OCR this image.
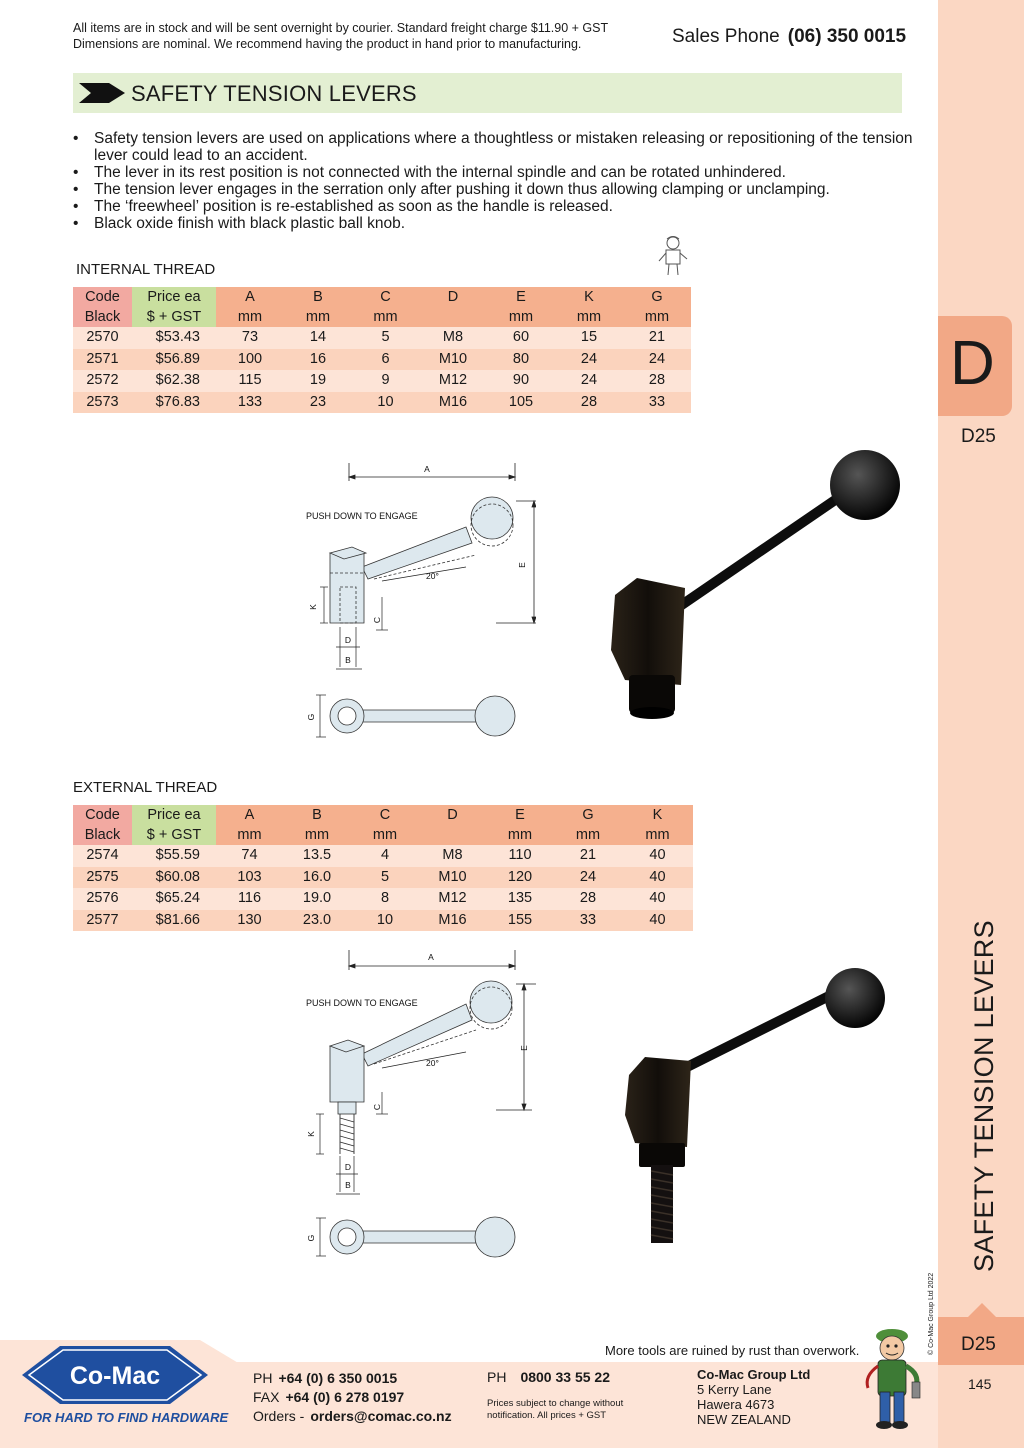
D
D25
SAFETY TENSION LEVERS
© Co-Mac Group Ltd 2022 D25
145
All items are in stock and will be sent overnight by courier. Standard freight charge $11.90 + GST
Dimensions are nominal. We recommend having the product in hand prior to manufacturing.	Sales Phone (06) 350 0015
SAFETY TENSION LEVERS
• Safety tension levers are used on applications where a thoughtless or mistaken releasing or repositioning of the tension lever could lead to an accident.
• The lever in its rest position is not connected with the internal spindle and can be rotated unhindered.
• The tension lever engages in the serration only after pushing it down thus allowing clamping or unclamping.
• The ‘freewheel’ position is re-established as soon as the handle is released.
• Black oxide finish with black plastic ball knob.
INTERNAL THREAD
Code	Price ea	A	B	C	D	E	K	G
Black	$ + GST	mm	mm	mm		mm	mm	mm
2570	$53.43	73	14	5	M8	60	15	21
2571	$56.89	100	16	6	M10	80	24	24
2572	$62.38	115	19	9	M12	90	24	28
2573	$76.83	133	23	10	M16	105	28	33
A
PUSH DOWN TO ENGAGE
E
20°
K
C
D
B
G
EXTERNAL THREAD
Code	Price ea	A	B	C	D	E	G	K
Black	$ + GST	mm	mm	mm		mm	mm	mm
2574	$55.59	74	13.5	4	M8	110	21	40
2575	$60.08	103	16.0	5	M10	120	24	40
2576	$65.24	116	19.0	8	M12	135	28	40
2577	$81.66	130	23.0	10	M16	155	33	40
A
PUSH DOWN TO ENGAGE
E
20°
K
C
D
B
G
More tools are ruined by rust than overwork.
Co-Mac
FOR HARD TO FIND HARDWARE
PH +64 (0) 6 350 0015
FAX +64 (0) 6 278 0197
Orders - orders@comac.co.nz
PH 0800 33 55 22
Prices subject to change without
notification. All prices + GST
Co-Mac Group Ltd
5 Kerry Lane
Hawera 4673
NEW ZEALAND
